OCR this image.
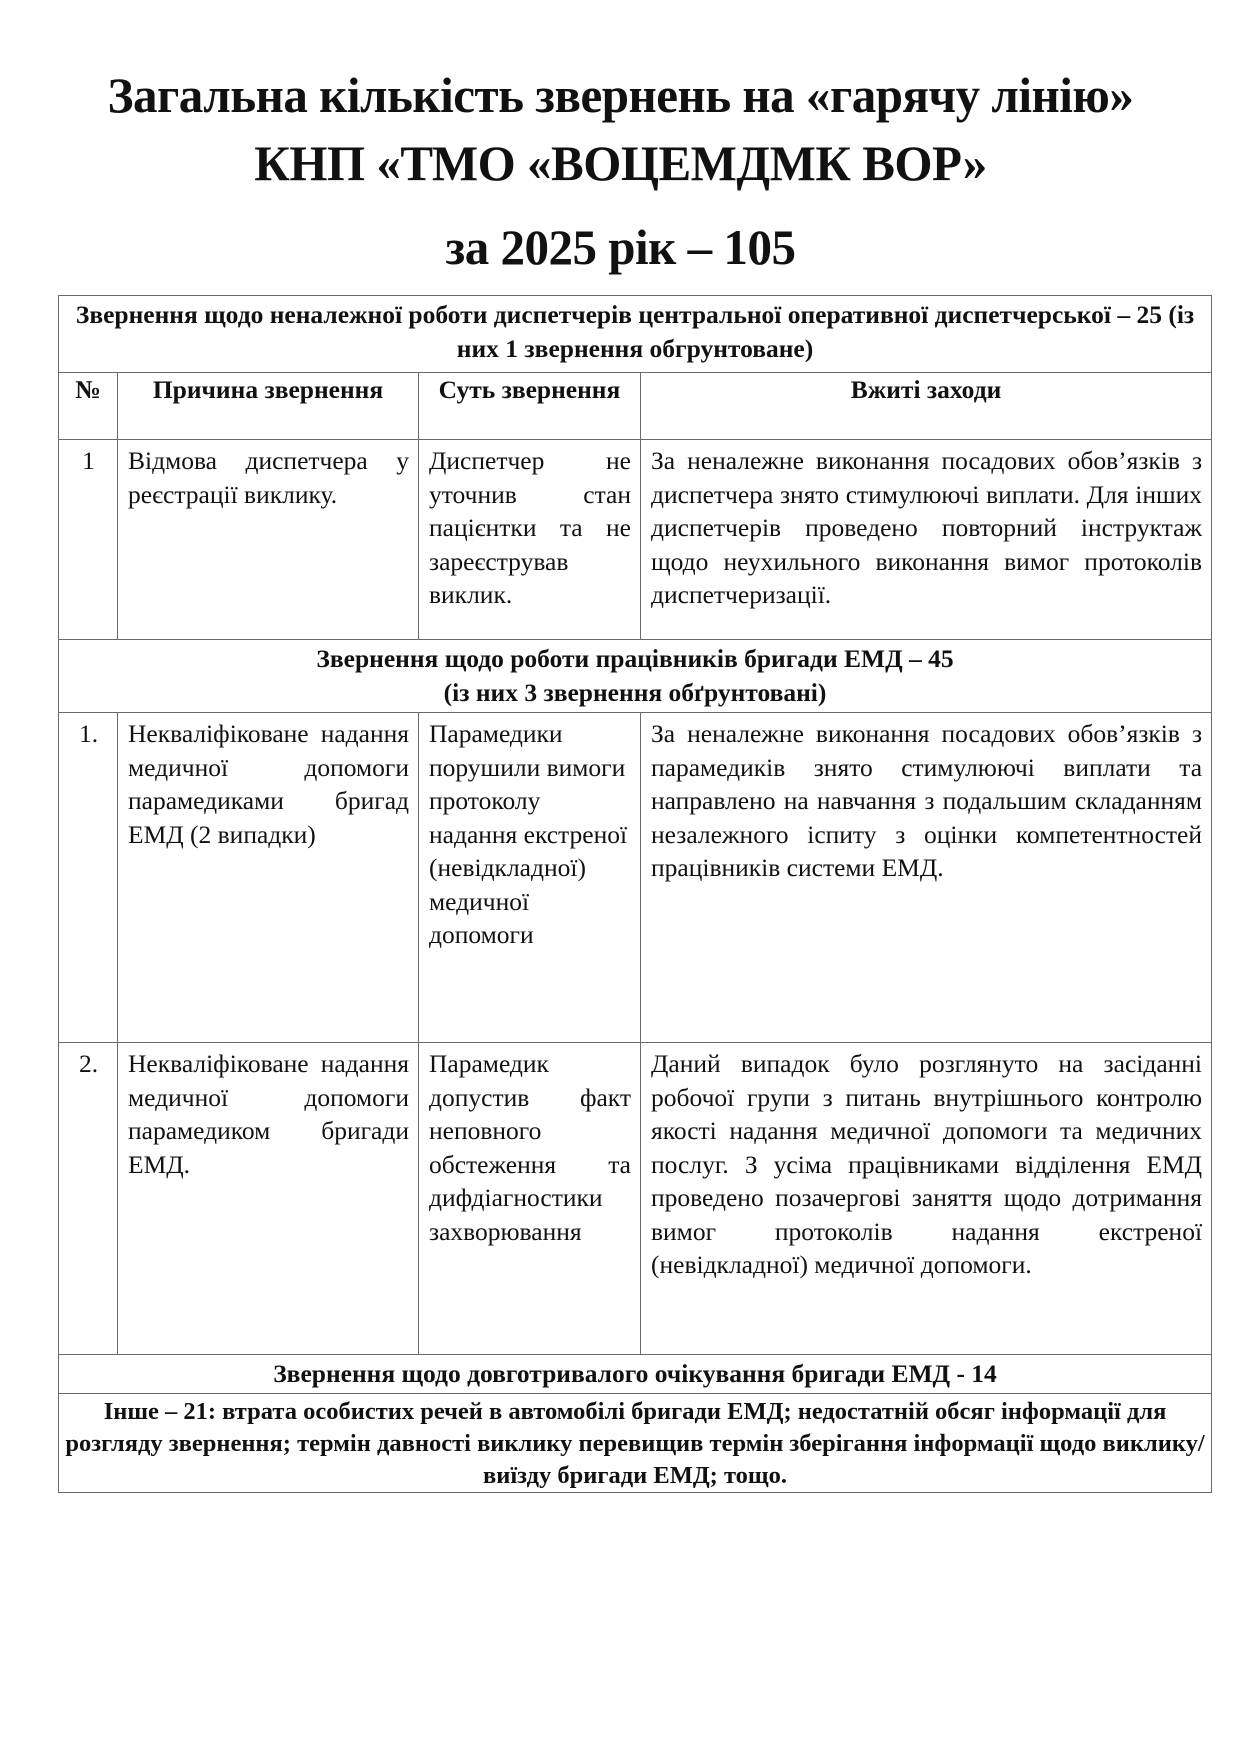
Загальна кількість звернень на «гарячу лінію»
КНП «ТМО «ВОЦЕМДМК ВОР»
за 2025 рік – 105
Звернення щодо неналежної роботи диспетчерів центральної оперативної диспетчерської – 25 (із них 1 звернення обгрунтоване)			
№	Причина звернення	Суть звернення	Вжиті заходи
1	Відмова диспетчера у реєстрації виклику.	Диспетчер не уточнив стан пацієнтки та не зареєстрував виклик.	За неналежне виконання посадових обов’язків з диспетчера знято стимулюючі виплати. Для інших диспетчерів проведено повторний інструктаж щодо неухильного виконання вимог протоколів диспетчеризації.

Звернення щодо роботи працівників бригади ЕМД – 45
(із них 3 звернення обґрунтовані)			

1.	Некваліфіковане надання медичної допомоги парамедиками бригад ЕМД (2 випадки)	Парамедики порушили вимоги протоколу надання екстреної (невідкладної) медичної допомоги	За неналежне виконання посадових обов’язків з парамедиків знято стимулюючі виплати та направлено на навчання з подальшим складанням незалежного іспиту з оцінки компетентностей працівників системи ЕМД.
2.	Некваліфіковане надання медичної допомоги парамедиком бригади ЕМД.	Парамедик допустив факт неповного обстеження та дифдіагностики захворювання	Даний випадок було розглянуто на засіданні робочої групи з питань внутрішнього контролю якості надання медичної допомоги та медичних послуг. З усіма працівниками відділення ЕМД проведено позачергові заняття щодо дотримання вимог протоколів надання екстреної (невідкладної) медичної допомоги.
Звернення щодо довготривалого очікування бригади ЕМД - 14			
Інше – 21: втрата особистих речей в автомобілі бригади ЕМД; недостатній обсяг інформації для розгляду звернення; термін давності виклику перевищив термін зберігання інформації щодо виклику/виїзду бригади ЕМД; тощо.			
